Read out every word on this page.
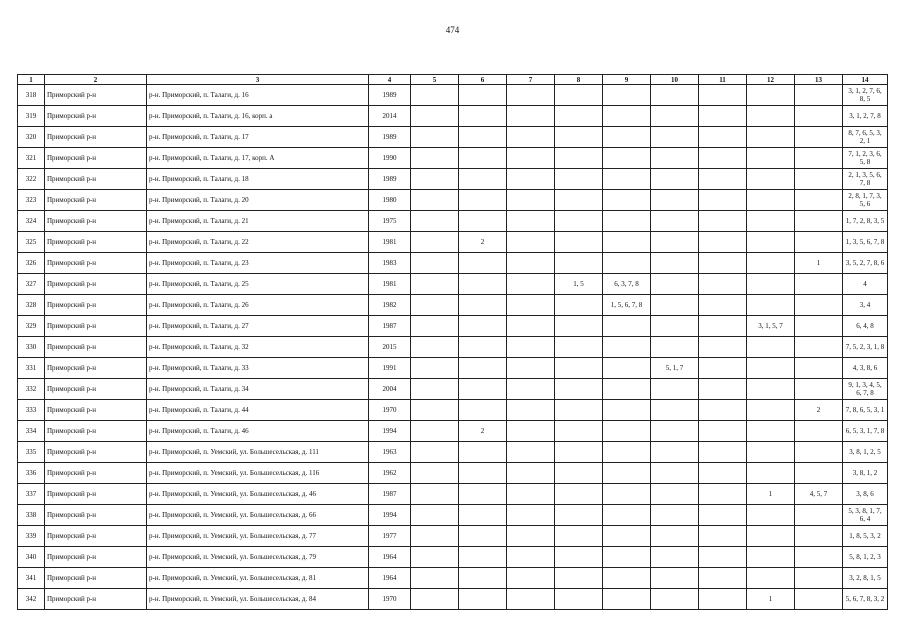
474
1	2	3	4	5	6	7	8	9	10	11	12	13	14
318	Приморский р-н	р-н. Приморский, п. Талаги, д. 16	1989										3, 1, 2, 7, 6, 8, 5
319	Приморский р-н	р-н. Приморский, п. Талаги, д. 16, корп. а	2014										3, 1, 2, 7, 8
320	Приморский р-н	р-н. Приморский, п. Талаги, д. 17	1989										8, 7, 6, 5, 3, 2, 1
321	Приморский р-н	р-н. Приморский, п. Талаги, д. 17, корп. А	1990										7, 1, 2, 3, 6, 5, 8
322	Приморский р-н	р-н. Приморский, п. Талаги, д. 18	1989										2, 1, 3, 5, 6, 7, 8
323	Приморский р-н	р-н. Приморский, п. Талаги, д. 20	1980										2, 8, 1, 7, 3, 5, 6
324	Приморский р-н	р-н. Приморский, п. Талаги, д. 21	1975										1, 7, 2, 8, 3, 5
325	Приморский р-н	р-н. Приморский, п. Талаги, д. 22	1981		2								1, 3, 5, 6, 7, 8
326	Приморский р-н	р-н. Приморский, п. Талаги, д. 23	1983									1	3, 5, 2, 7, 8, 6
327	Приморский р-н	р-н. Приморский, п. Талаги, д. 25	1981				1, 5	6, 3, 7, 8					4
328	Приморский р-н	р-н. Приморский, п. Талаги, д. 26	1982					1, 5, 6, 7, 8					3, 4
329	Приморский р-н	р-н. Приморский, п. Талаги, д. 27	1987								3, 1, 5, 7		6, 4, 8
330	Приморский р-н	р-н. Приморский, п. Талаги, д. 32	2015										7, 5, 2, 3, 1, 8
331	Приморский р-н	р-н. Приморский, п. Талаги, д. 33	1991						5, 1, 7				4, 3, 8, 6
332	Приморский р-н	р-н. Приморский, п. Талаги, д. 34	2004										9, 1, 3, 4, 5, 6, 7, 8
333	Приморский р-н	р-н. Приморский, п. Талаги, д. 44	1970									2	7, 8, 6, 5, 3, 1
334	Приморский р-н	р-н. Приморский, п. Талаги, д. 46	1994		2								6, 5, 3, 1, 7, 8
335	Приморский р-н	р-н. Приморский, п. Уемский, ул. Большесельская, д. 111	1963										3, 8, 1, 2, 5
336	Приморский р-н	р-н. Приморский, п. Уемский, ул. Большесельская, д. 116	1962										3, 8, 1, 2
337	Приморский р-н	р-н. Приморский, п. Уемский, ул. Большесельская, д. 46	1987								1	4, 5, 7	3, 8, 6
338	Приморский р-н	р-н. Приморский, п. Уемский, ул. Большесельская, д. 66	1994										5, 3, 8, 1, 7, 6, 4
339	Приморский р-н	р-н. Приморский, п. Уемский, ул. Большесельская, д. 77	1977										1, 8, 5, 3, 2
340	Приморский р-н	р-н. Приморский, п. Уемский, ул. Большесельская, д. 79	1964										5, 8, 1, 2, 3
341	Приморский р-н	р-н. Приморский, п. Уемский, ул. Большесельская, д. 81	1964										3, 2, 8, 1, 5
342	Приморский р-н	р-н. Приморский, п. Уемский, ул. Большесельская, д. 84	1970								1		5, 6, 7, 8, 3, 2
